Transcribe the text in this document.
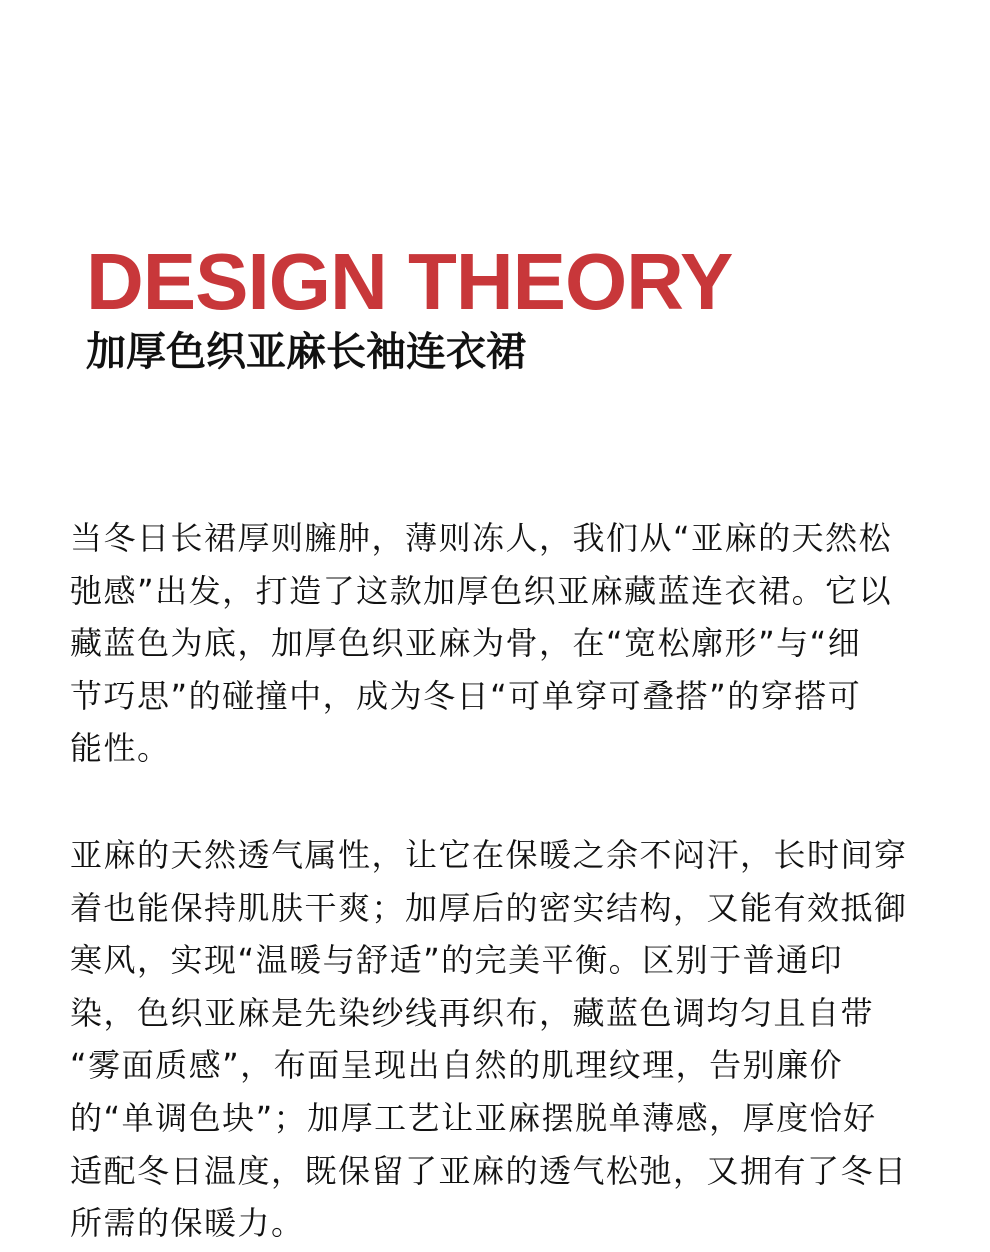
DESIGN THEORY
加厚色织亚麻长袖连衣裙
当冬日长裙厚则臃肿，薄则冻人，我们从“亚麻的天然松
弛感”出发，打造了这款加厚色织亚麻藏蓝连衣裙。它以
藏蓝色为底，加厚色织亚麻为骨，在“宽松廓形”与“细
节巧思”的碰撞中，成为冬日“可单穿可叠搭”的穿搭可
能性。
亚麻的天然透气属性，让它在保暖之余不闷汗，长时间穿
着也能保持肌肤干爽；加厚后的密实结构，又能有效抵御
寒风，实现“温暖与舒适”的完美平衡。区别于普通印
染，色织亚麻是先染纱线再织布，藏蓝色调均匀且自带
“雾面质感”，布面呈现出自然的肌理纹理，告别廉价
的“单调色块”；加厚工艺让亚麻摆脱单薄感，厚度恰好
适配冬日温度，既保留了亚麻的透气松弛，又拥有了冬日
所需的保暖力。
